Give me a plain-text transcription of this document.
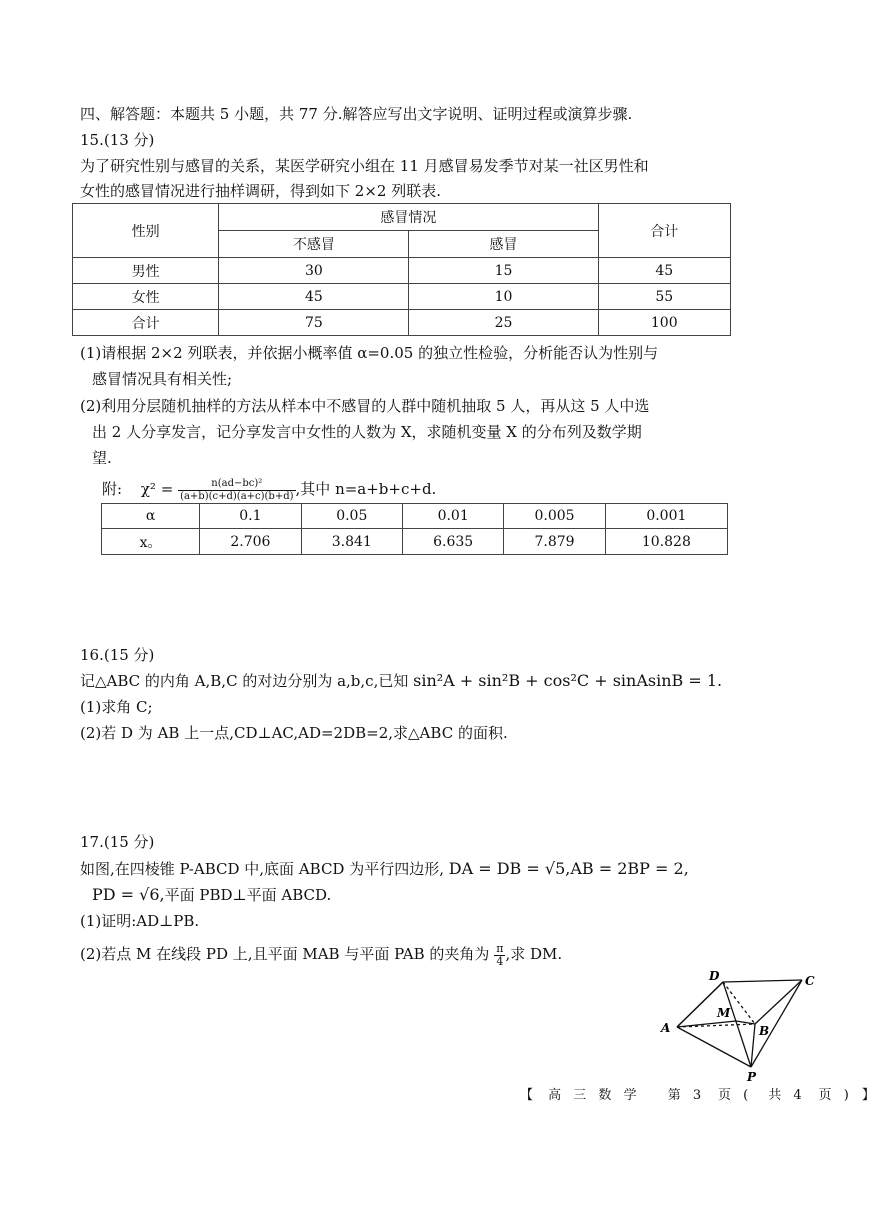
四、解答题：本题共 5 小题，共 77 分.解答应写出文字说明、证明过程或演算步骤.
15.(13 分)
为了研究性别与感冒的关系，某医学研究小组在 11 月感冒易发季节对某一社区男性和
女性的感冒情况进行抽样调研，得到如下 2×2 列联表.
性别	感冒情况		合计
	不感冒	感冒	
男性	30	15	45
女性	45	10	55
合计	75	25	100
(1)请根据 2×2 列联表，并依据小概率值 α=0.05 的独立性检验，分析能否认为性别与
感冒情况具有相关性;
(2)利用分层随机抽样的方法从样本中不感冒的人群中随机抽取 5 人，再从这 5 人中选
出 2 人分享发言，记分享发言中女性的人数为 X，求随机变量 X 的分布列及数学期
望.
附: $\chi^2 = \frac{\text{n(ad−bc)²}}{(a+b)(c+d)(a+c)(b+d)}$ ,其中 n=a+b+c+d.
α	0.1	0.05	0.01	0.005	0.001
x。	2.706	3.841	6.635	7.879	10.828
16.(15 分)
记△ABC 的内角 A,B,C 的对边分别为 a,b,c,已知 sin²A + sin²B + cos²C + sinAsinB = 1.
(1)求角 C;
(2)若 D 为 AB 上一点,CD⊥AC,AD=2DB=2,求△ABC 的面积.
17.(15 分)
如图,在四棱锥 P-ABCD 中,底面 ABCD 为平行四边形, DA = DB = √5,AB = 2BP = 2,
PD = √6,平面 PBD⊥平面 ABCD.
(1)证明:AD⊥PB.
(2)若点 M 在线段 PD 上,且平面 MAB 与平面 PAB 的夹角为 $\frac{\pi}{4}$ ,求 DM.
D	C
M
A	B
P
【 高 三 数 学 第 3 页 ( 共 4 页 ) 】
